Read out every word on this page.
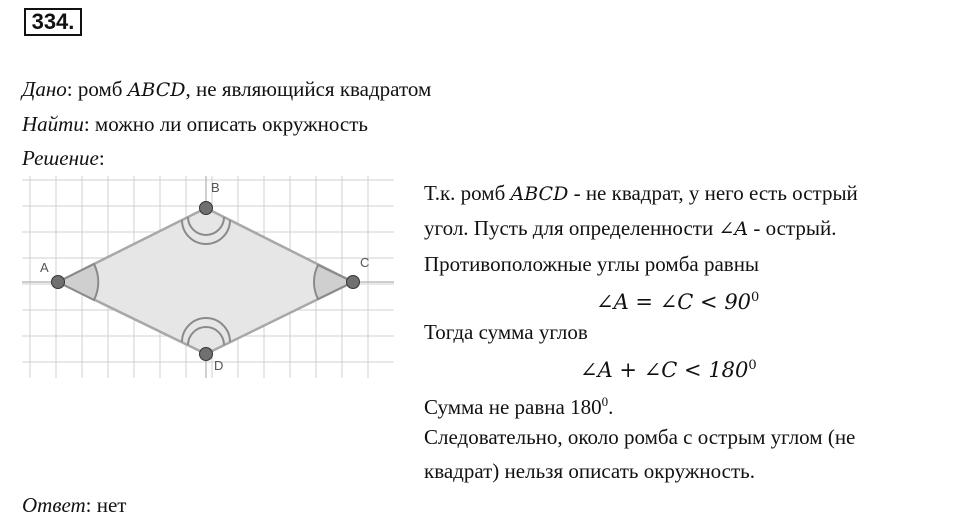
334.
Дано: ромб ABCD, не являющийся квадратом
Найти: можно ли описать окружность
Решение:
A
B
C
D
Т.к. ромб ABCD - не квадрат, у него есть острый
угол. Пусть для определенности ∠A - острый.
Противоположные углы ромба равны
∠A = ∠C < $90^0$
Тогда сумма углов
∠A + ∠C < $180^0$
Сумма не равна $180^0$.
Следовательно, около ромба с острым углом (не
квадрат) нельзя описать окружность.
Ответ: нет
